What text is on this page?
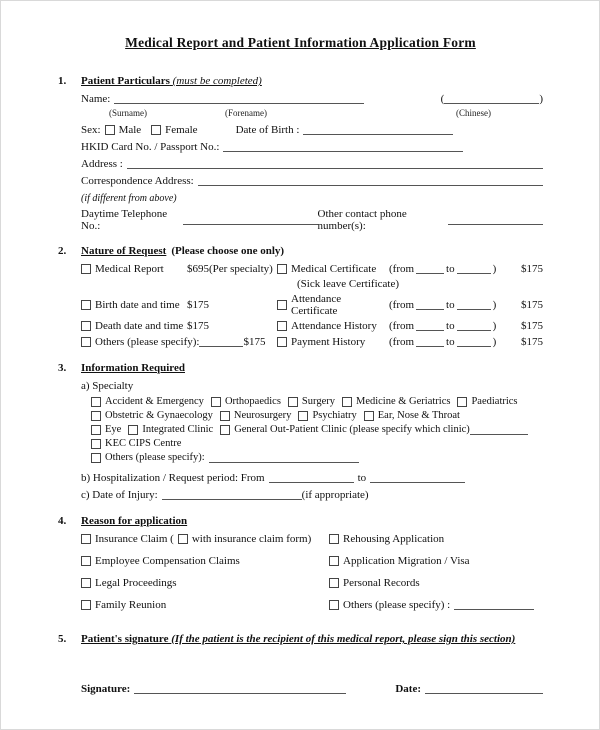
Medical Report and Patient Information Application Form
1.	Patient Particulars (must be completed)
Name:	(	)
(Surname)	(Forename)	(Chinese)
Sex: Male Female	Date of Birth :
HKID Card No. / Passport No.:
Address :
Correspondence Address:
(if different from above)
Daytime Telephone No.:
Other contact phone number(s):
2.	Nature of Request (Please choose one only)
Medical Report	$695(Per specialty)	Medical Certificate	(from	to	) $175
(Sick leave Certificate)
Birth date and time $175	Attendance Certificate	(from	to	) $175
Death date and time $175	Attendance History	(from	to	) $175
Others (please specify):	$175 Payment History	(from	to	) $175
3.	Information Required
a) Specialty
Accident & Emergency Orthopaedics Surgery Medicine & Geriatrics Paediatrics
Obstetric & Gynaecology Neurosurgery Psychiatry Ear, Nose & Throat
Eye Integrated Clinic General Out-Patient Clinic (please specify which clinic)
KEC CIPS Centre
Others (please specify):
b) Hospitalization / Request period: From	to
c) Date of Injury:	(if appropriate)
4.	Reason for application
Insurance Claim ( with insurance claim form)
Employee Compensation Claims
Legal Proceedings
Family Reunion
Rehousing Application
Application Migration / Visa
Personal Records
Others (please specify) :
5.	Patient's signature (If the patient is the recipient of this medical report, please sign this section)
Signature:	Date:
